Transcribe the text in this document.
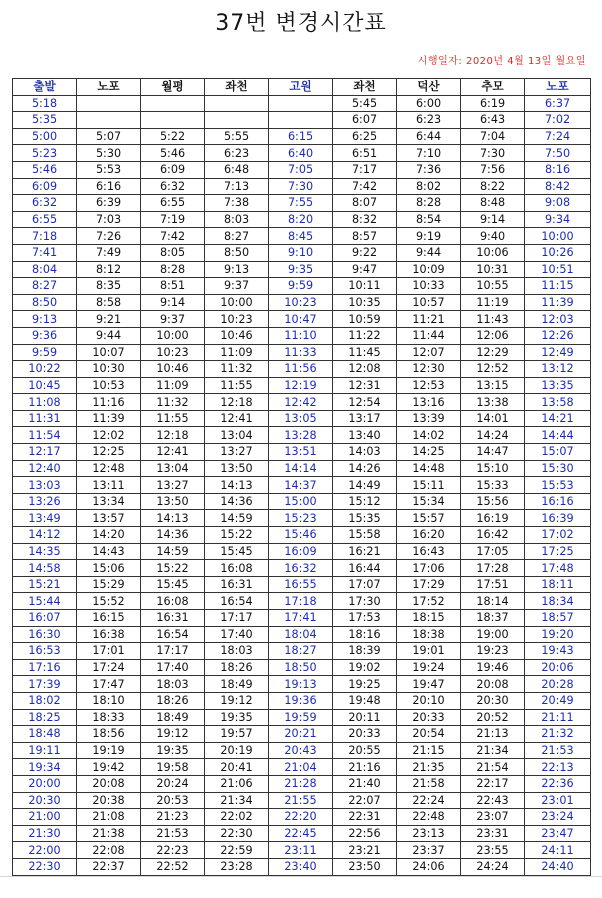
37번 변경시간표
시행일자: 2020년 4월 13일 월요일
출발	노포	월평	좌천	고원	좌천	덕산	추모	노포
5:18					5:45	6:00	6:19	6:37
5:35					6:07	6:23	6:43	7:02
5:00	5:07	5:22	5:55	6:15	6:25	6:44	7:04	7:24
5:23	5:30	5:46	6:23	6:40	6:51	7:10	7:30	7:50
5:46	5:53	6:09	6:48	7:05	7:17	7:36	7:56	8:16
6:09	6:16	6:32	7:13	7:30	7:42	8:02	8:22	8:42
6:32	6:39	6:55	7:38	7:55	8:07	8:28	8:48	9:08
6:55	7:03	7:19	8:03	8:20	8:32	8:54	9:14	9:34
7:18	7:26	7:42	8:27	8:45	8:57	9:19	9:40	10:00
7:41	7:49	8:05	8:50	9:10	9:22	9:44	10:06	10:26
8:04	8:12	8:28	9:13	9:35	9:47	10:09	10:31	10:51
8:27	8:35	8:51	9:37	9:59	10:11	10:33	10:55	11:15
8:50	8:58	9:14	10:00	10:23	10:35	10:57	11:19	11:39
9:13	9:21	9:37	10:23	10:47	10:59	11:21	11:43	12:03
9:36	9:44	10:00	10:46	11:10	11:22	11:44	12:06	12:26
9:59	10:07	10:23	11:09	11:33	11:45	12:07	12:29	12:49
10:22	10:30	10:46	11:32	11:56	12:08	12:30	12:52	13:12
10:45	10:53	11:09	11:55	12:19	12:31	12:53	13:15	13:35
11:08	11:16	11:32	12:18	12:42	12:54	13:16	13:38	13:58
11:31	11:39	11:55	12:41	13:05	13:17	13:39	14:01	14:21
11:54	12:02	12:18	13:04	13:28	13:40	14:02	14:24	14:44
12:17	12:25	12:41	13:27	13:51	14:03	14:25	14:47	15:07
12:40	12:48	13:04	13:50	14:14	14:26	14:48	15:10	15:30
13:03	13:11	13:27	14:13	14:37	14:49	15:11	15:33	15:53
13:26	13:34	13:50	14:36	15:00	15:12	15:34	15:56	16:16
13:49	13:57	14:13	14:59	15:23	15:35	15:57	16:19	16:39
14:12	14:20	14:36	15:22	15:46	15:58	16:20	16:42	17:02
14:35	14:43	14:59	15:45	16:09	16:21	16:43	17:05	17:25
14:58	15:06	15:22	16:08	16:32	16:44	17:06	17:28	17:48
15:21	15:29	15:45	16:31	16:55	17:07	17:29	17:51	18:11
15:44	15:52	16:08	16:54	17:18	17:30	17:52	18:14	18:34
16:07	16:15	16:31	17:17	17:41	17:53	18:15	18:37	18:57
16:30	16:38	16:54	17:40	18:04	18:16	18:38	19:00	19:20
16:53	17:01	17:17	18:03	18:27	18:39	19:01	19:23	19:43
17:16	17:24	17:40	18:26	18:50	19:02	19:24	19:46	20:06
17:39	17:47	18:03	18:49	19:13	19:25	19:47	20:08	20:28
18:02	18:10	18:26	19:12	19:36	19:48	20:10	20:30	20:49
18:25	18:33	18:49	19:35	19:59	20:11	20:33	20:52	21:11
18:48	18:56	19:12	19:57	20:21	20:33	20:54	21:13	21:32
19:11	19:19	19:35	20:19	20:43	20:55	21:15	21:34	21:53
19:34	19:42	19:58	20:41	21:04	21:16	21:35	21:54	22:13
20:00	20:08	20:24	21:06	21:28	21:40	21:58	22:17	22:36
20:30	20:38	20:53	21:34	21:55	22:07	22:24	22:43	23:01
21:00	21:08	21:23	22:02	22:20	22:31	22:48	23:07	23:24
21:30	21:38	21:53	22:30	22:45	22:56	23:13	23:31	23:47
22:00	22:08	22:23	22:59	23:11	23:21	23:37	23:55	24:11
22:30	22:37	22:52	23:28	23:40	23:50	24:06	24:24	24:40
